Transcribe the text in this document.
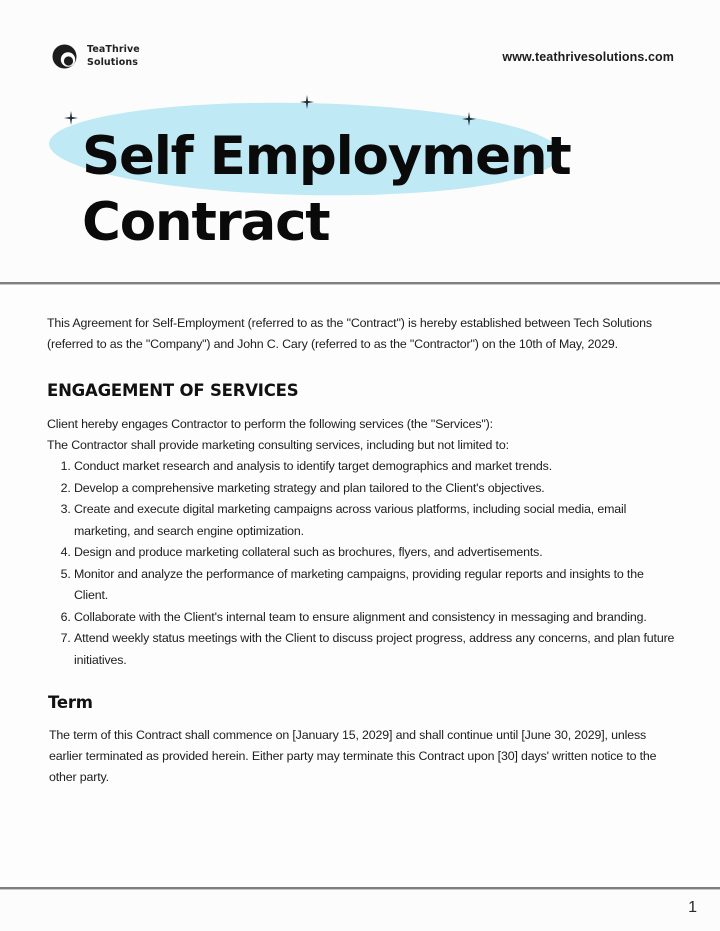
TeaThrive
Solutions	www.teathrivesolutions.com
Self Employment
Contract

This Agreement for Self-Employment (referred to as the "Contract") is hereby established between Tech Solutions (referred to as the "Company") and John C. Cary (referred to as the "Contractor") on the 10th of May, 2029.

ENGAGEMENT OF SERVICES

Client hereby engages Contractor to perform the following services (the "Services"):

The Contractor shall provide marketing consulting services, including but not limited to:

1. Conduct market research and analysis to identify target demographics and market trends.
2. Develop a comprehensive marketing strategy and plan tailored to the Client's objectives.
3. Create and execute digital marketing campaigns across various platforms, including social media, email marketing, and search engine optimization.
4. Design and produce marketing collateral such as brochures, flyers, and advertisements.
5. Monitor and analyze the performance of marketing campaigns, providing regular reports and insights to the Client.
6. Collaborate with the Client's internal team to ensure alignment and consistency in messaging and branding.
7. Attend weekly status meetings with the Client to discuss project progress, address any concerns, and plan future initiatives.
Term

The term of this Contract shall commence on [January 15, 2029] and shall continue until [June 30, 2029], unless earlier terminated as provided herein. Either party may terminate this Contract upon [30] days' written notice to the other party.

1
